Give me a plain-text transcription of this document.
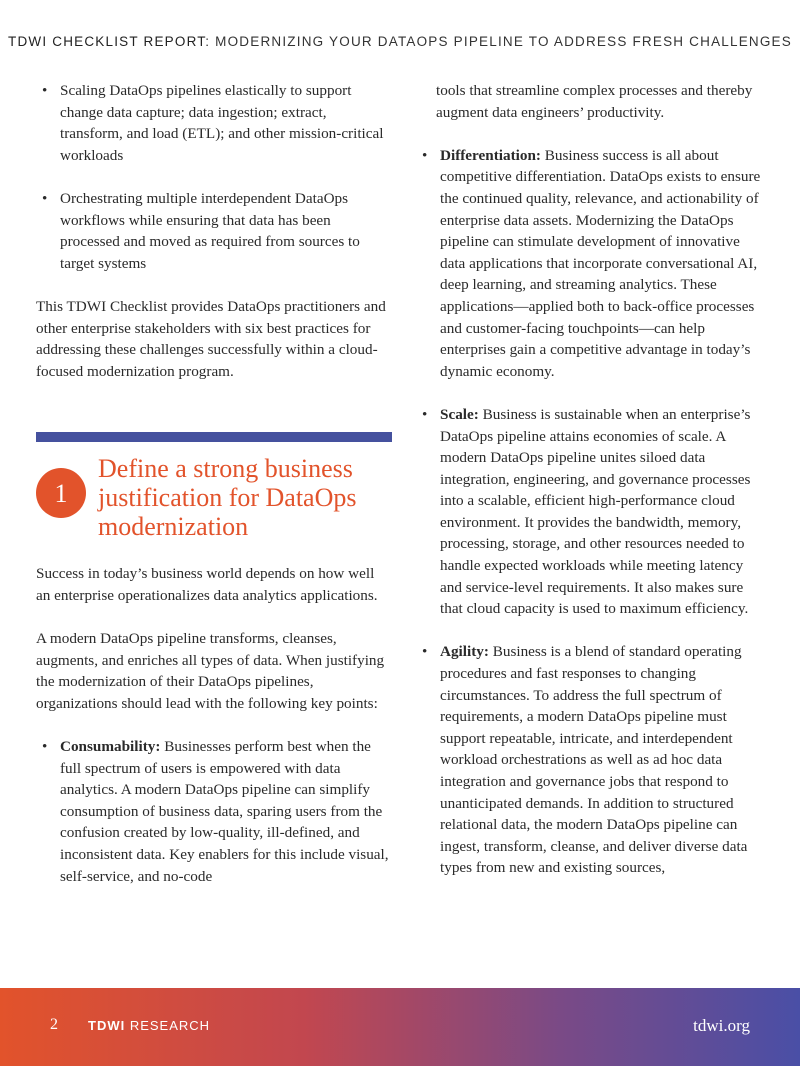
TDWI CHECKLIST REPORT: MODERNIZING YOUR DATAOPS PIPELINE TO ADDRESS FRESH CHALLENGES
• Scaling DataOps pipelines elastically to support change data capture; data ingestion; extract, transform, and load (ETL); and other mission-critical workloads
• Orchestrating multiple interdependent DataOps workflows while ensuring that data has been processed and moved as required from sources to target systems

This TDWI Checklist provides DataOps practitioners and other enterprise stakeholders with six best practices for addressing these challenges successfully within a cloud-focused modernization program.

1
Define a strong business justification for DataOps modernization

Success in today’s business world depends on how well an enterprise operationalizes data analytics applications.

A modern DataOps pipeline transforms, cleanses, augments, and enriches all types of data. When justifying the modernization of their DataOps pipelines, organizations should lead with the following key points:

• Consumability: Businesses perform best when the full spectrum of users is empowered with data analytics. A modern DataOps pipeline can simplify consumption of business data, sparing users from the confusion created by low-quality, ill-defined, and inconsistent data. Key enablers for this include visual, self-service, and no-code
tools that streamline complex processes and thereby augment data engineers’ productivity.
• Differentiation: Business success is all about competitive differentiation. DataOps exists to ensure the continued quality, relevance, and actionability of enterprise data assets. Modernizing the DataOps pipeline can stimulate development of innovative data applications that incorporate conversational AI, deep learning, and streaming analytics. These applications—applied both to back-office processes and customer-facing touchpoints—can help enterprises gain a competitive advantage in today’s dynamic economy.
• Scale: Business is sustainable when an enterprise’s DataOps pipeline attains economies of scale. A modern DataOps pipeline unites siloed data integration, engineering, and governance processes into a scalable, efficient high-performance cloud environment. It provides the bandwidth, memory, processing, storage, and other resources needed to handle expected workloads while meeting latency and service-level requirements. It also makes sure that cloud capacity is used to maximum efficiency.
• Agility: Business is a blend of standard operating procedures and fast responses to changing circumstances. To address the full spectrum of requirements, a modern DataOps pipeline must support repeatable, intricate, and interdependent workload orchestrations as well as ad hoc data integration and governance jobs that respond to unanticipated demands. In addition to structured relational data, the modern DataOps pipeline can ingest, transform, cleanse, and deliver diverse data types from new and existing sources,
2 TDWI RESEARCH	tdwi.org
